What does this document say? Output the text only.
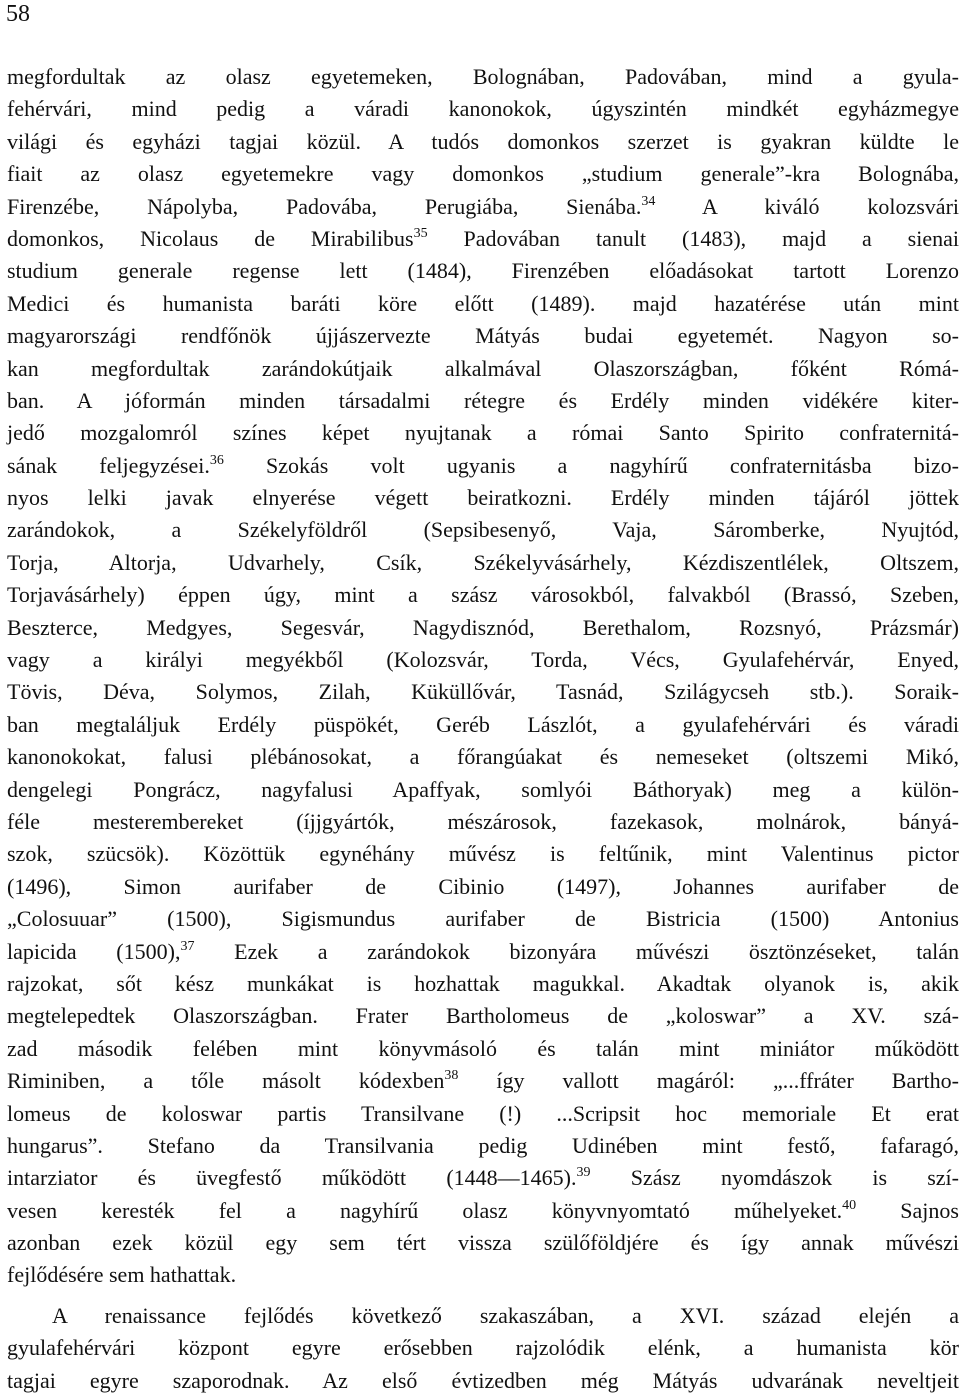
58
megfordultak az olasz egyetemeken, Bolognában, Padovában, mind a gyula-
fehérvári, mind pedig a váradi kanonokok, úgyszintén mindkét egyházmegye
világi és egyházi tagjai közül. A tudós domonkos szerzet is gyakran küldte le
fiait az olasz egyetemekre vagy domonkos „studium generale”-kra Bolognába,
Firenzébe, Nápolyba, Padovába, Perugiába, Sienába.$^{34}$ A kiváló kolozsvári
domonkos, Nicolaus de Mirabilibus$^{35}$ Padovában tanult (1483), majd a sienai
studium generale regense lett (1484), Firenzében előadásokat tartott Lorenzo
Medici és humanista baráti köre előtt (1489). majd hazatérése után mint
magyarországi rendfőnök újjászervezte Mátyás budai egyetemét. Nagyon so-
kan megfordultak zarándokútjaik alkalmával Olaszországban, főként Rómá-
ban. A jóformán minden társadalmi rétegre és Erdély minden vidékére kiter-
jedő mozgalomról színes képet nyujtanak a római Santo Spirito confraternitá-
sának feljegyzései.$^{36}$ Szokás volt ugyanis a nagyhírű confraternitásba bizo-
nyos lelki javak elnyerése végett beiratkozni. Erdély minden tájáról jöttek
zarándokok, a Székelyföldről (Sepsibesenyő, Vaja, Sáromberke, Nyujtód,
Torja, Altorja, Udvarhely, Csík, Székelyvásárhely, Kézdiszentlélek, Oltszem,
Torjavásárhely) éppen úgy, mint a szász városokból, falvakból (Brassó, Szeben,
Beszterce, Medgyes, Segesvár, Nagydisznód, Berethalom, Rozsnyó, Prázsmár)
vagy a királyi megyékből (Kolozsvár, Torda, Vécs, Gyulafehérvár, Enyed,
Tövis, Déva, Solymos, Zilah, Küküllővár, Tasnád, Szilágycseh stb.). Soraik-
ban megtaláljuk Erdély püspökét, Geréb Lászlót, a gyulafehérvári és váradi
kanonokokat, falusi plébánosokat, a főrangúakat és nemeseket (oltszemi Mikó,
dengelegi Pongrácz, nagyfalusi Apaffyak, somlyói Báthoryak) meg a külön-
féle mesterembereket (íjjgyártók, mészárosok, fazekasok, molnárok, bányá-
szok, szücsök). Közöttük egynéhány művész is feltűnik, mint Valentinus pictor
(1496), Simon aurifaber de Cibinio (1497), Johannes aurifaber de
„Colosuuar” (1500), Sigismundus aurifaber de Bistricia (1500) Antonius
lapicida (1500),$^{37}$ Ezek a zarándokok bizonyára művészi ösztönzéseket, talán
rajzokat, sőt kész munkákat is hozhattak magukkal. Akadtak olyanok is, akik
megtelepedtek Olaszországban. Frater Bartholomeus de „koloswar” a XV. szá-
zad második felében mint könyvmásoló és talán mint miniátor működött
Riminiben, a tőle másolt kódexben$^{38}$ így vallott magáról: „...ffráter Bartho-
lomeus de koloswar partis Transilvane (!) ...Scripsit hoc memoriale Et erat
hungarus”. Stefano da Transilvania pedig Udinében mint festő, fafaragó,
intarziator és üvegfestő működött (1448—1465).$^{39}$ Szász nyomdászok is szí-
vesen keresték fel a nagyhírű olasz könyvnyomtató műhelyeket.$^{40}$ Sajnos
azonban ezek közül egy sem tért vissza szülőföldjére és így annak művészi
fejlődésére sem hathattak.
A renaissance fejlődés következő szakaszában, a XVI. század elején a
gyulafehérvári központ egyre erősebben rajzolódik elénk, a humanista kör
tagjai egyre szaporodnak. Az első évtizedben még Mátyás udvarának neveltjeit
